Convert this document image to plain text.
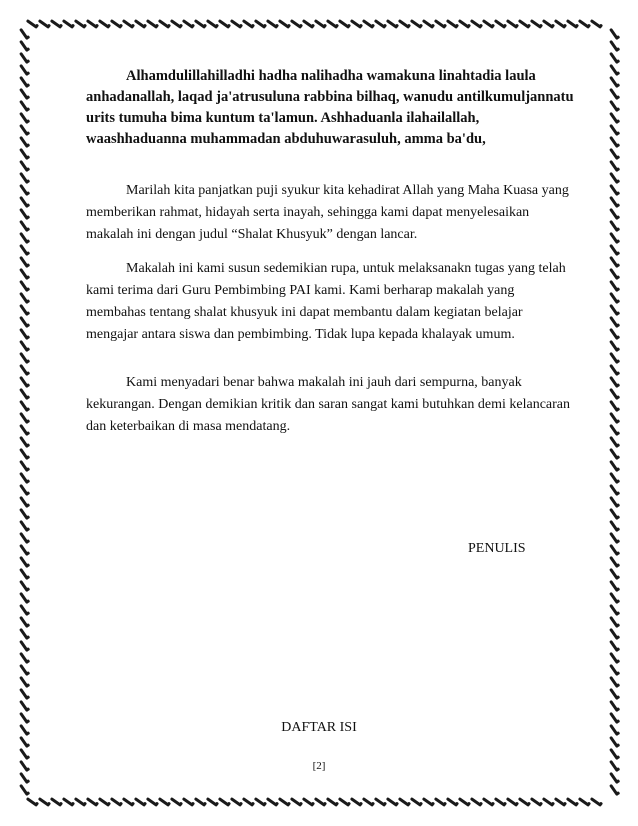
Alhamdulillahilladhi hadha nalihadha wamakuna linahtadia laula anhadanallah, laqad ja'atrusuluna rabbina bilhaq, wanudu antilkumuljannatu urits tumuha bima kuntum ta'lamun. Ashhaduanla ilahailallah, waashhaduanna muhammadan abduhuwarasuluh, amma ba'du,

Marilah kita panjatkan puji syukur kita kehadirat Allah yang Maha Kuasa yang memberikan rahmat, hidayah serta inayah, sehingga kami dapat menyelesaikan makalah ini dengan judul “Shalat Khusyuk” dengan lancar.

Makalah ini kami susun sedemikian rupa, untuk melaksanakn tugas yang telah kami terima dari Guru Pembimbing PAI kami. Kami berharap makalah yang membahas tentang shalat khusyuk ini dapat membantu dalam kegiatan belajar mengajar antara siswa dan pembimbing. Tidak lupa kepada khalayak umum.

Kami menyadari benar bahwa makalah ini jauh dari sempurna, banyak kekurangan. Dengan demikian kritik dan saran sangat kami butuhkan demi kelancaran dan keterbaikan di masa mendatang.

PENULIS
DAFTAR ISI
[2]
